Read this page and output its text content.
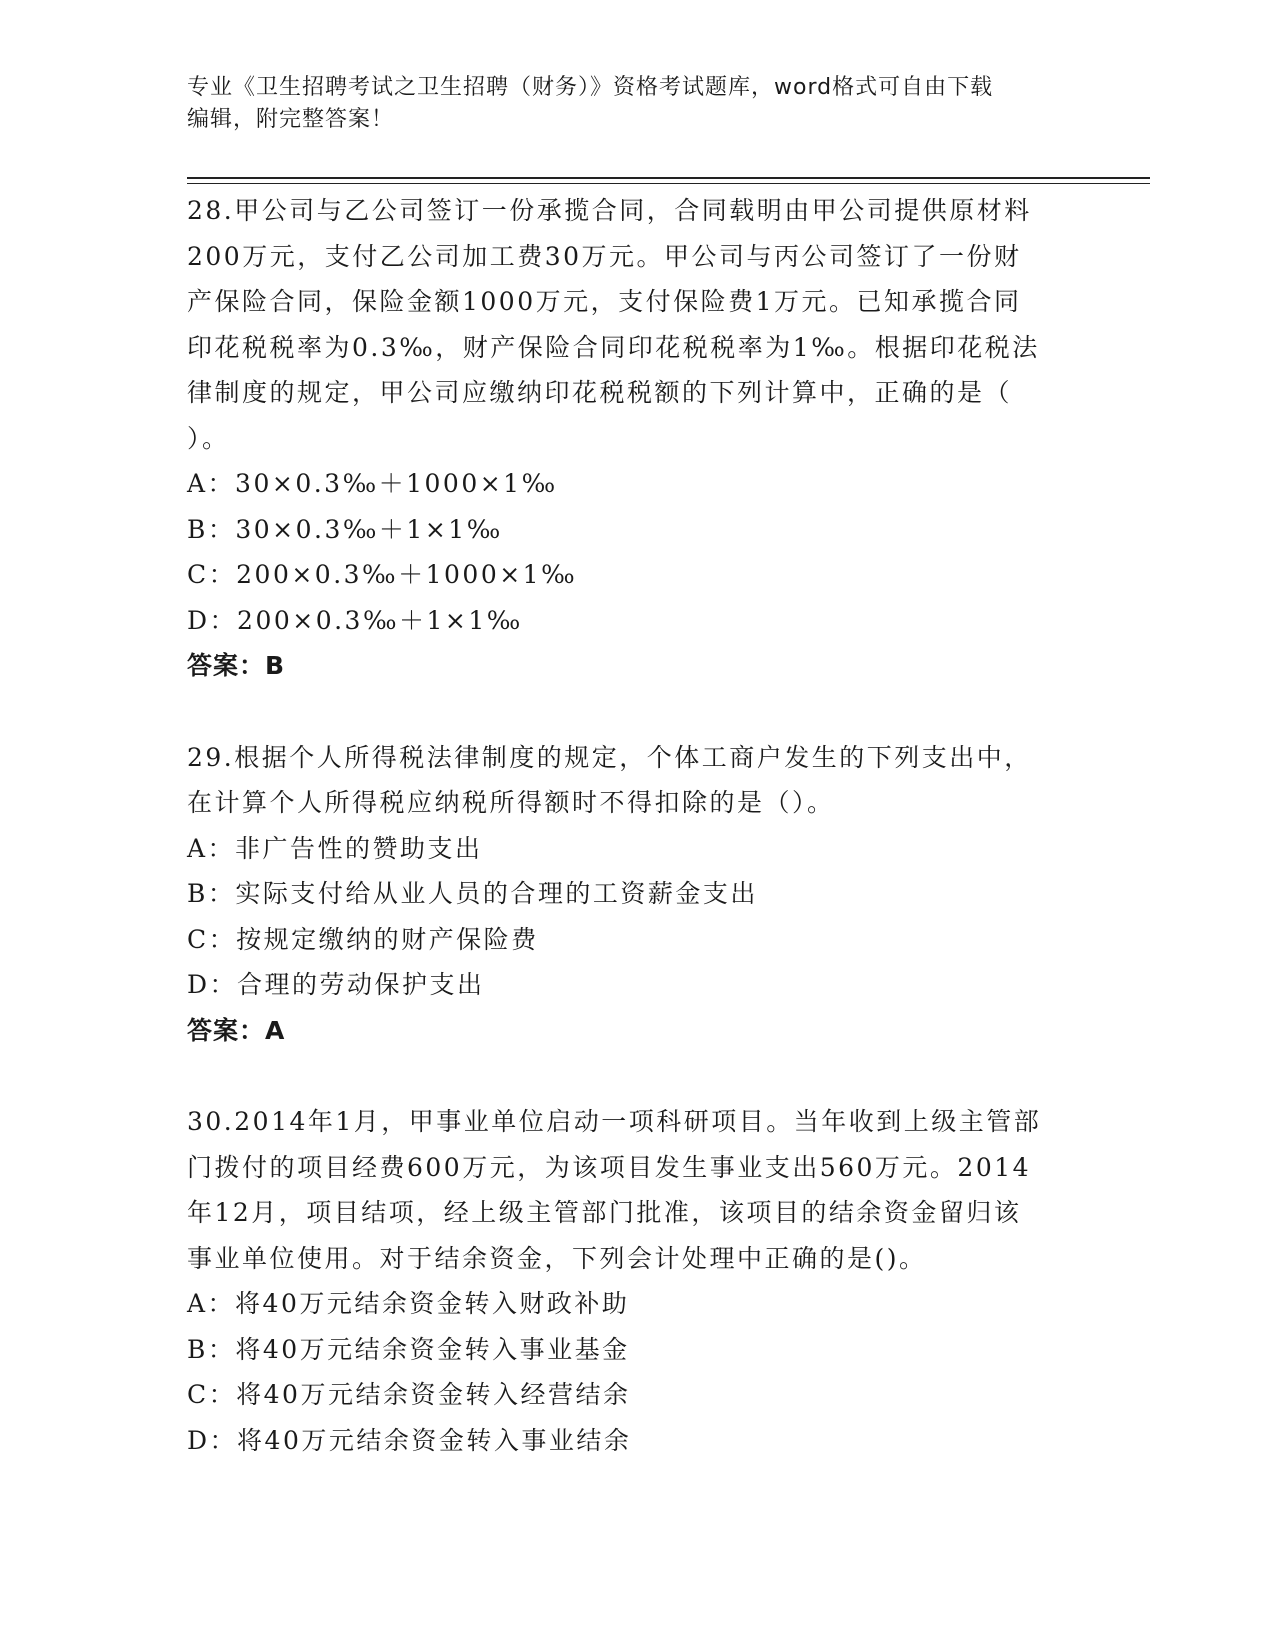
专业《卫生招聘考试之卫生招聘（财务）》资格考试题库，word格式可自由下载
编辑，附完整答案！

28.甲公司与乙公司签订一份承揽合同，合同载明由甲公司提供原材料

200万元，支付乙公司加工费30万元。甲公司与丙公司签订了一份财

产保险合同，保险金额1000万元，支付保险费1万元。已知承揽合同

印花税税率为0.3‰，财产保险合同印花税税率为1‰。根据印花税法

律制度的规定，甲公司应缴纳印花税税额的下列计算中，正确的是（

）。

A：30×0.3‰＋1000×1‰

B：30×0.3‰＋1×1‰

C：200×0.3‰＋1000×1‰

D：200×0.3‰＋1×1‰

答案：B

29.根据个人所得税法律制度的规定，个体工商户发生的下列支出中，

在计算个人所得税应纳税所得额时不得扣除的是（）。

A：非广告性的赞助支出

B：实际支付给从业人员的合理的工资薪金支出

C：按规定缴纳的财产保险费

D：合理的劳动保护支出

答案：A

30.2014年1月，甲事业单位启动一项科研项目。当年收到上级主管部

门拨付的项目经费600万元，为该项目发生事业支出560万元。2014

年12月，项目结项，经上级主管部门批准，该项目的结余资金留归该

事业单位使用。对于结余资金，下列会计处理中正确的是()。

A：将40万元结余资金转入财政补助

B：将40万元结余资金转入事业基金

C：将40万元结余资金转入经营结余

D：将40万元结余资金转入事业结余
